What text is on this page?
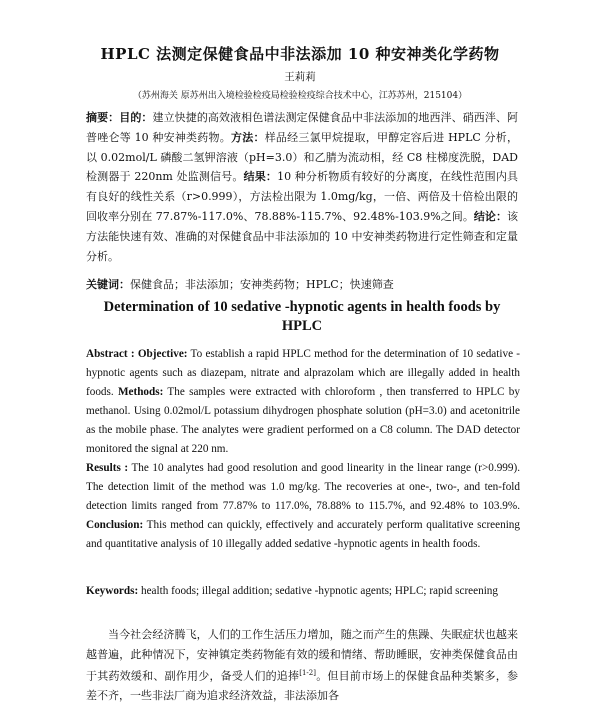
HPLC 法测定保健食品中非法添加 10 种安神类化学药物
王莉莉
（苏州海关 原苏州出入境检验检疫局检验检疫综合技术中心，江苏苏州，215104）
摘要：目的：建立快捷的高效液相色谱法测定保健食品中非法添加的地西泮、硝西泮、阿普唑仑等 10 种安神类药物。方法：样品经三氯甲烷提取，甲醇定容后进 HPLC 分析，以 0.02mol/L 磷酸二氢钾溶液（pH=3.0）和乙腈为流动相，经 C8 柱梯度洗脱，DAD 检测器于 220nm 处监测信号。结果：10 种分析物质有较好的分离度，在线性范围内具有良好的线性关系（r>0.999），方法检出限为 1.0mg/kg，一倍、两倍及十倍检出限的回收率分别在 77.87%-117.0%、78.88%-115.7%、92.48%-103.9%之间。结论：该方法能快速有效、准确的对保健食品中非法添加的 10 中安神类药物进行定性筛查和定量分析。
关键词：保健食品；非法添加；安神类药物；HPLC；快速筛查
Determination of 10 sedative -hypnotic agents in health foods by HPLC
Abstract : Objective: To establish a rapid HPLC method for the determination of 10 sedative -hypnotic agents such as diazepam, nitrate and alprazolam which are illegally added in health foods. Methods: The samples were extracted with chloroform , then transferred to HPLC by methanol. Using 0.02mol/L potassium dihydrogen phosphate solution (pH=3.0) and acetonitrile as the mobile phase. The analytes were gradient performed on a C8 column. The DAD detector monitored the signal at 220 nm.
Results : The 10 analytes had good resolution and good linearity in the linear range (r>0.999). The detection limit of the method was 1.0 mg/kg. The recoveries at one-, two-, and ten-fold detection limits ranged from 77.87% to 117.0%, 78.88% to 115.7%, and 92.48% to 103.9%. Conclusion: This method can quickly, effectively and accurately perform qualitative screening and quantitative analysis of 10 illegally added sedative -hypnotic agents in health foods.
Keywords: health foods; illegal addition; sedative -hypnotic agents; HPLC; rapid screening
当今社会经济腾飞，人们的工作生活压力增加，随之而产生的焦躁、失眠症状也越来越普遍，此种情况下，安神镇定类药物能有效的缓和情绪、帮助睡眠，安神类保健食品由于其药效缓和、副作用少，备受人们的追捧[1-2]。但目前市场上的保健食品种类繁多，参差不齐，一些非法厂商为追求经济效益，非法添加各
